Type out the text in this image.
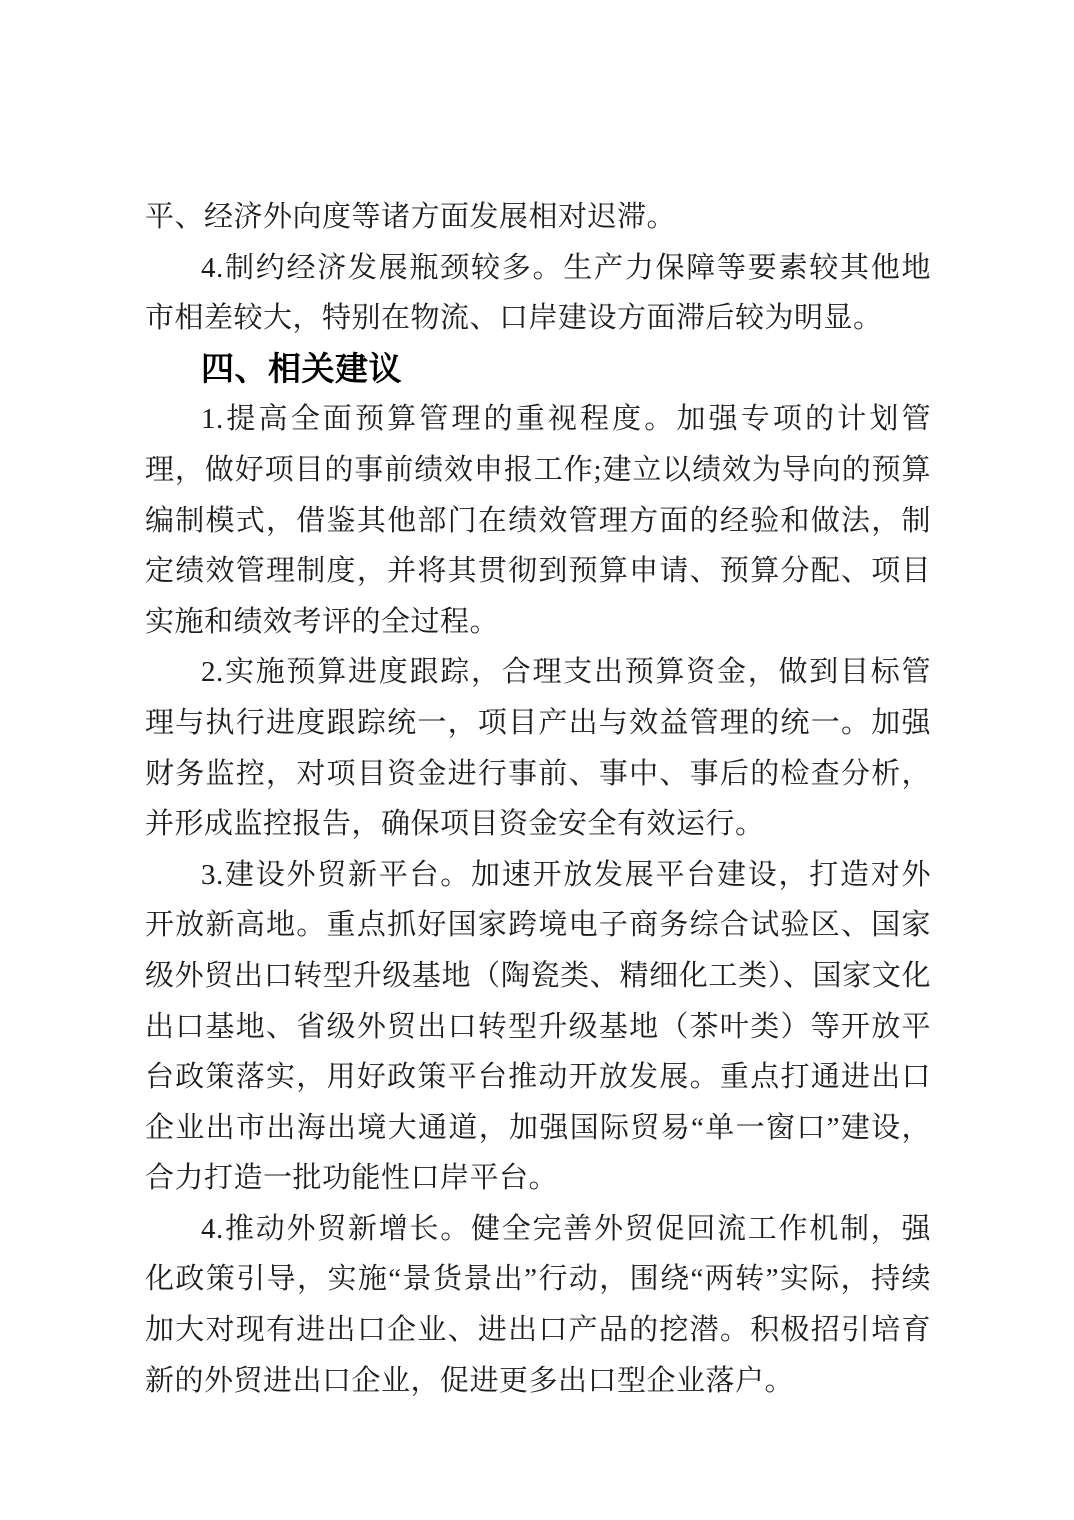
平、经济外向度等诸方面发展相对迟滞。

4.制约经济发展瓶颈较多。生产力保障等要素较其他地市相差较大，特别在物流、口岸建设方面滞后较为明显。

四、相关建议

1.提高全面预算管理的重视程度。加强专项的计划管理，做好项目的事前绩效申报工作;建立以绩效为导向的预算编制模式，借鉴其他部门在绩效管理方面的经验和做法，制定绩效管理制度，并将其贯彻到预算申请、预算分配、项目实施和绩效考评的全过程。

2.实施预算进度跟踪，合理支出预算资金，做到目标管理与执行进度跟踪统一，项目产出与效益管理的统一。加强财务监控，对项目资金进行事前、事中、事后的检查分析，并形成监控报告，确保项目资金安全有效运行。

3.建设外贸新平台。加速开放发展平台建设，打造对外开放新高地。重点抓好国家跨境电子商务综合试验区、国家级外贸出口转型升级基地（陶瓷类、精细化工类）、国家文化出口基地、省级外贸出口转型升级基地（茶叶类）等开放平台政策落实，用好政策平台推动开放发展。重点打通进出口企业出市出海出境大通道，加强国际贸易“单一窗口”建设，合力打造一批功能性口岸平台。

4.推动外贸新增长。健全完善外贸促回流工作机制，强化政策引导，实施“景货景出”行动，围绕“两转”实际，持续加大对现有进出口企业、进出口产品的挖潜。积极招引培育新的外贸进出口企业，促进更多出口型企业落户。
